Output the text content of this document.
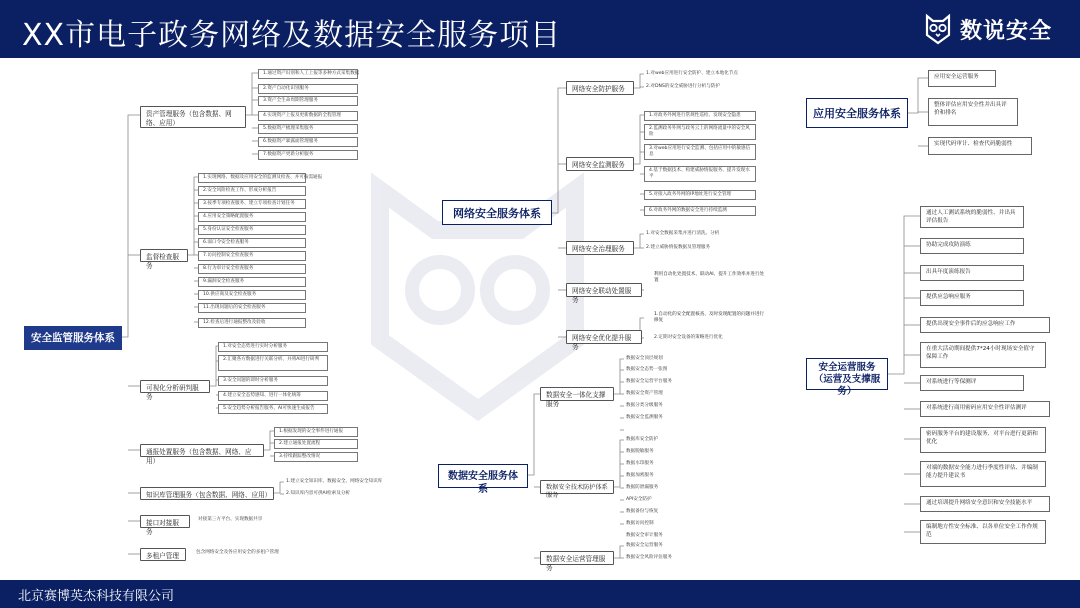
XX市电子政务网络及数据安全服务项目	数说安全
安全监管服务体系
资产管理服务（包含数据、网络、应用）
1.通过资产识别和人工上报等多种方式采集数据
2.资产自动化识别服务
3.资产全生命周期管理服务
4.实现资产上报及更新数据的全程管理
5.数据资产梳理采集服务
6.数据资产暴露面管理服务
7.数据资产更新分析服务
监督检查服务
1.实现网络、数据及应用安全的监测及检查、并可按需通报
2.安全风险检查工作、形成分析报告
3.按季专项检查服务、建立专项检查计划任务
4.应用安全策略配置服务
5.身份认证安全检查服务
6.弱口令安全检查服务
7.访问控制安全检查服务
8.行为审计安全检查服务
9.漏洞安全检查服务
10.供应商及安全检查服务
11.出现问题后的安全检查服务
12.检查后进行通报整改及验收
可视化分析研判服务
1.对安全态势进行实时分析服务
2.汇聚各方数据进行关联分析、并将AI进行研判
3.安全问题的即时分析服务
4.建立安全态势感知、进行一体化统筹
5.安全趋势分析报告服务、AI可快速生成报告
通报处置服务（包含数据、网络、应用）
1.根据发现的安全事件进行通报
2.建立通报处置流程
3.持续跟踪整改情况
知识库管理服务（包含数据、网络、应用）
1.建立安全知识库、数据安全、网络安全知识库
2.知识库内容可供AI检索及分析
接口对接服务
对接第三方平台、实现数据共享
多租户管理	包含网络安全及各应用安全的多租户管理
网络安全服务体系
网络安全防护服务
1.对web应用进行安全防护、建立本地化节点
2.对DNS的安全威胁进行分析与防护
网络安全监测服务
1.对政务外网进行常规性巡检、发现安全隐患
2.监测政务外网与政务云上的网络流量中的安全风险
3.对web应用进行安全监测、包括应用中的敏感信息
4.基于数据技术、构建威胁情报服务、提升发现水平
5.对接入政务外网的IP地址进行安全管理
6.对政务外网的数据安全进行持续监测
网络安全治理服务
1.对安全数据采集并进行清洗、分析
2.建立威胁情报数据及管理服务
网络安全联动处置服务
利用自动化处置技术、联动AI、提升工作效率并进行处置
网络安全优化提升服务
1.自动化的安全配置核查、及时发现配置的问题并进行修复
2.定期对安全设备的策略进行优化
数据安全服务体系
数据安全一体化支撑服务
数据安全顶层规划
数据安全态势一张图
数据安全运营平台服务
数据安全资产管理
数据分类分级服务
数据安全监测服务
数据安全技术防护体系服务
数据库安全防护
数据脱敏服务
数据水印服务
数据加密服务
数据防泄漏服务
API安全防护
数据备份与恢复
数据访问控制
数据安全审计服务
数据安全运营管理服务
数据安全运营服务
数据安全风险评估服务
应用安全服务体系
应用安全运营服务
整体评估应用安全性并出具评价和排名
实现代码审计、检查代码脆弱性
安全运营服务（运营及支撑服务）
通过人工测试系统的脆弱性、并出具评估报告
协助完成攻防演练
出具年度演练报告
提供应急响应服务
提供出现安全事件后的应急响应工作
在重大活动期间提供7*24小时现场安全值守保障工作
对系统进行等保测评
对系统进行商用密码应用安全性评估测评
密码服务平台的建设服务、对平台进行更新和优化
对端的数据安全能力进行季度性评估、并编制能力提升建议书
通过培训提升网络安全意识和安全技能水平
编制地方性安全标准、以各单位安全工作作规范
北京赛博英杰科技有限公司
